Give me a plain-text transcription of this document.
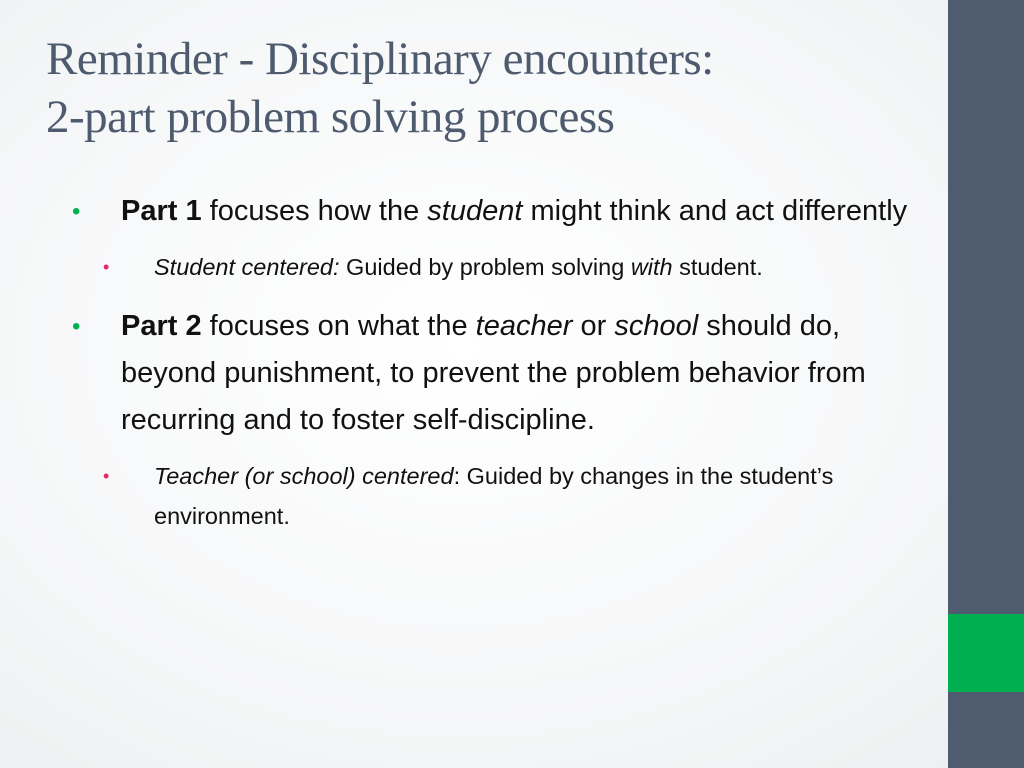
Reminder - Disciplinary encounters:
2-part problem solving process
• Part 1 focuses how the student might think and act differently
• Student centered: Guided by problem solving with student.
• Part 2 focuses on what the teacher or school should do, beyond punishment, to prevent the problem behavior from recurring and to foster self-discipline.
• Teacher (or school) centered: Guided by changes in the student’s environment.
